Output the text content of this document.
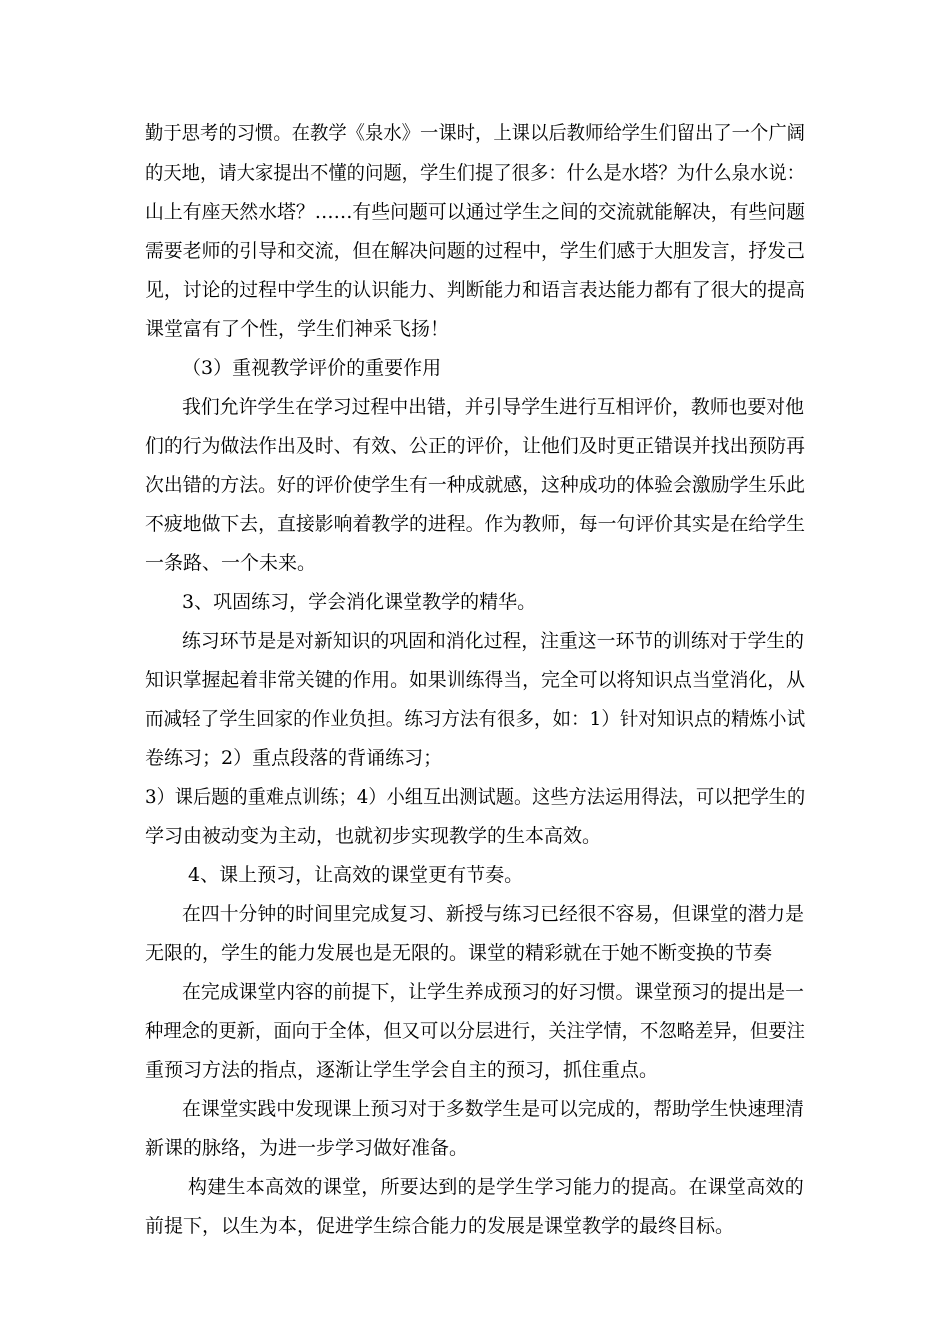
勤于思考的习惯。在教学《泉水》一课时，上课以后教师给学生们留出了一个广阔
的天地，请大家提出不懂的问题，学生们提了很多：什么是水塔？为什么泉水说：
山上有座天然水塔？……有些问题可以通过学生之间的交流就能解决，有些问题
需要老师的引导和交流，但在解决问题的过程中，学生们感于大胆发言，抒发己
见，讨论的过程中学生的认识能力、判断能力和语言表达能力都有了很大的提高
课堂富有了个性，学生们神采飞扬！
（3）重视教学评价的重要作用
我们允许学生在学习过程中出错，并引导学生进行互相评价，教师也要对他
们的行为做法作出及时、有效、公正的评价，让他们及时更正错误并找出预防再
次出错的方法。好的评价使学生有一种成就感，这种成功的体验会激励学生乐此
不疲地做下去，直接影响着教学的进程。作为教师，每一句评价其实是在给学生
一条路、一个未来。
3、巩固练习，学会消化课堂教学的精华。
练习环节是是对新知识的巩固和消化过程，注重这一环节的训练对于学生的
知识掌握起着非常关键的作用。如果训练得当，完全可以将知识点当堂消化，从
而减轻了学生回家的作业负担。练习方法有很多，如：1）针对知识点的精炼小试
卷练习；2）重点段落的背诵练习；
3）课后题的重难点训练；4）小组互出测试题。这些方法运用得法，可以把学生的
学习由被动变为主动，也就初步实现教学的生本高效。
4、课上预习，让高效的课堂更有节奏。
在四十分钟的时间里完成复习、新授与练习已经很不容易，但课堂的潜力是
无限的，学生的能力发展也是无限的。课堂的精彩就在于她不断变换的节奏
在完成课堂内容的前提下，让学生养成预习的好习惯。课堂预习的提出是一
种理念的更新，面向于全体，但又可以分层进行，关注学情，不忽略差异，但要注
重预习方法的指点，逐渐让学生学会自主的预习，抓住重点。
在课堂实践中发现课上预习对于多数学生是可以完成的，帮助学生快速理清
新课的脉络，为进一步学习做好准备。
构建生本高效的课堂，所要达到的是学生学习能力的提高。在课堂高效的
前提下，以生为本，促进学生综合能力的发展是课堂教学的最终目标。
